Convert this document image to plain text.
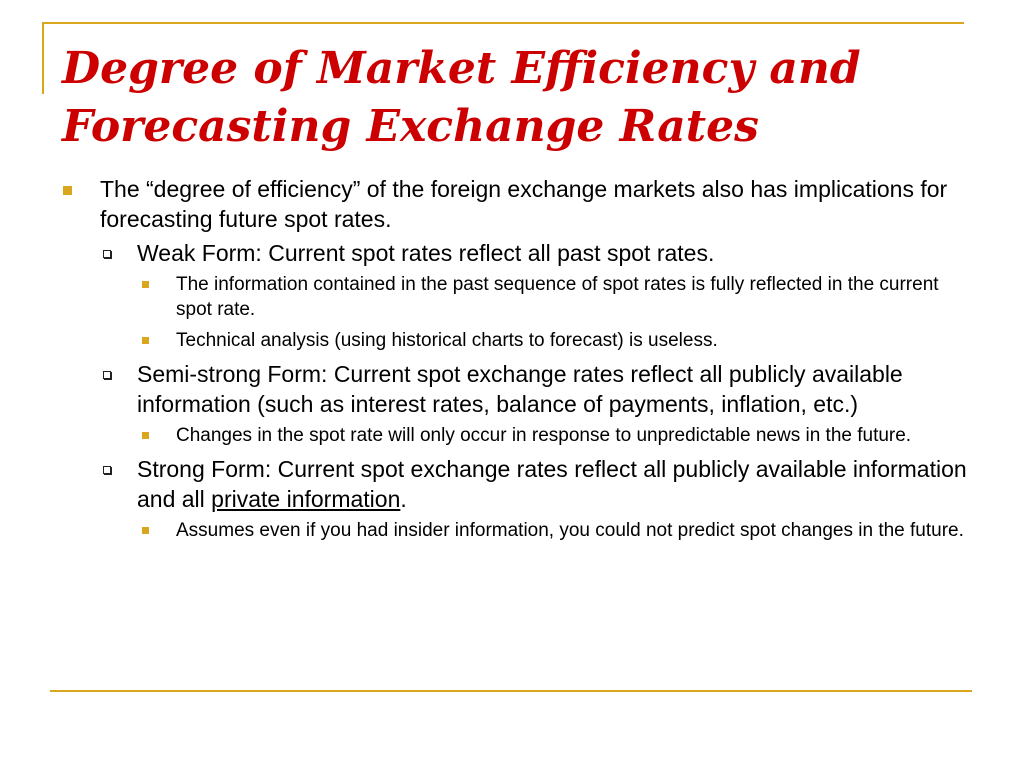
Degree of Market Efficiency and Forecasting Exchange Rates
The “degree of efficiency” of the foreign exchange markets also has implications for forecasting future spot rates.
Weak Form: Current spot rates reflect all past spot rates.
The information contained in the past sequence of spot rates is fully reflected in the current spot rate.
Technical analysis (using historical charts to forecast) is useless.
Semi-strong Form: Current spot exchange rates reflect all publicly available information (such as interest rates, balance of payments, inflation, etc.)
Changes in the spot rate will only occur in response to unpredictable news in the future.
Strong Form: Current spot exchange rates reflect all publicly available information and all private information.
Assumes even if you had insider information, you could not predict spot changes in the future.
